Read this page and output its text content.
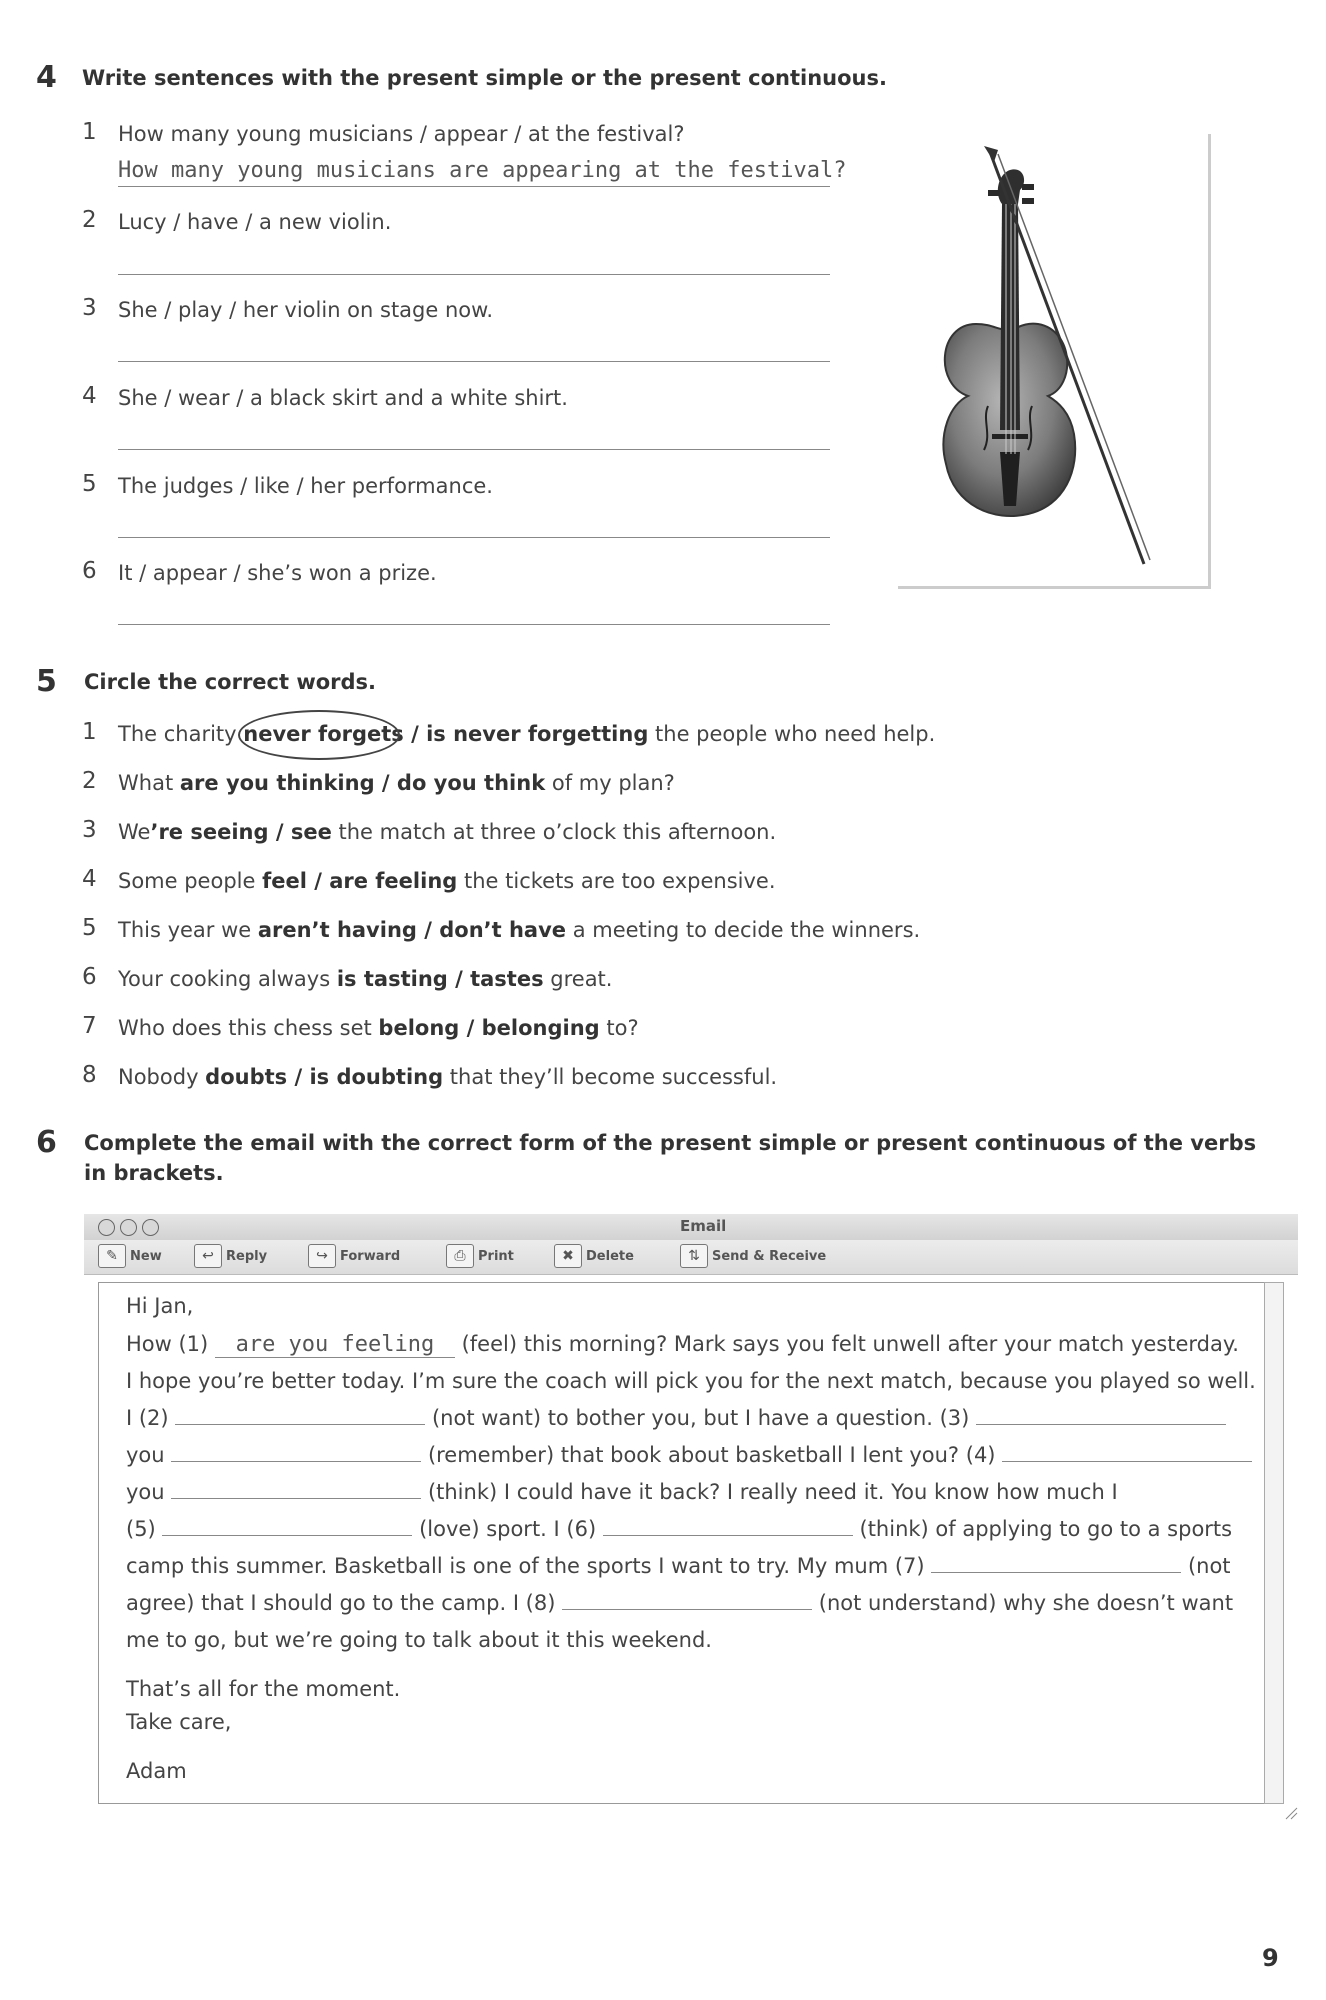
4 Write sentences with the present simple or the present continuous.
1 How many young musicians / appear / at the festival?
How many young musicians are appearing at the festival?
2 Lucy / have / a new violin.
3 She / play / her violin on stage now.
4 She / wear / a black skirt and a white shirt.
5 The judges / like / her performance.
6 It / appear / she’s won a prize.
5 Circle the correct words.
1 The charity never forgets / is never forgetting the people who need help.
2 What are you thinking / do you think of my plan?
3 We’re seeing / see the match at three o’clock this afternoon.
4 Some people feel / are feeling the tickets are too expensive.
5 This year we aren’t having / don’t have a meeting to decide the winners.
6 Your cooking always is tasting / tastes great.
7 Who does this chess set belong / belonging to?
8 Nobody doubts / is doubting that they’ll become successful.
6 Complete the email with the correct form of the present simple or present continuous of the verbs
in brackets.
Email
✎ New	↩ Reply	↪ Forward	⎙ Print	✖ Delete	⇅ Send & Receive
Hi Jan,
How (1) are you feeling (feel) this morning? Mark says you felt unwell after your match yesterday.
I hope you’re better today. I’m sure the coach will pick you for the next match, because you played so well.
I (2)	(not want) to bother you, but I have a question. (3)
you	(remember) that book about basketball I lent you? (4)
you	(think) I could have it back? I really need it. You know how much I
(5)	(love) sport. I (6)	(think) of applying to go to a sports
camp this summer. Basketball is one of the sports I want to try. My mum (7)	(not
agree) that I should go to the camp. I (8)	(not understand) why she doesn’t want
me to go, but we’re going to talk about it this weekend.
That’s all for the moment.
Take care,
Adam
9
